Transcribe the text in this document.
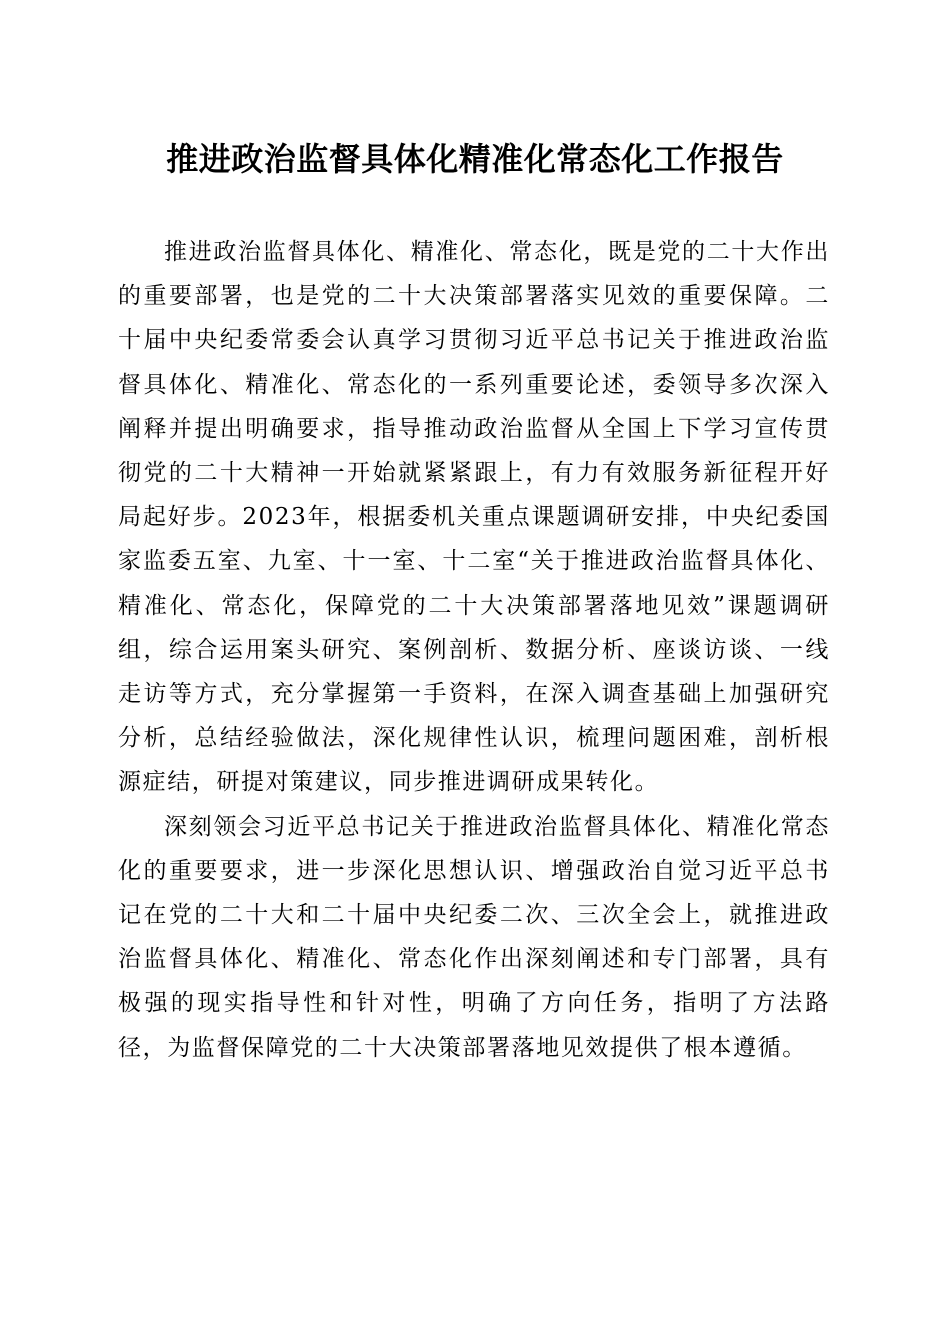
推进政治监督具体化精准化常态化工作报告

推进政治监督具体化、精准化、常态化，既是党的二十大作出的重要部署，也是党的二十大决策部署落实见效的重要保障。二十届中央纪委常委会认真学习贯彻习近平总书记关于推进政治监督具体化、精准化、常态化的一系列重要论述，委领导多次深入阐释并提出明确要求，指导推动政治监督从全国上下学习宣传贯彻党的二十大精神一开始就紧紧跟上，有力有效服务新征程开好局起好步。2023年，根据委机关重点课题调研安排，中央纪委国家监委五室、九室、十一室、十二室“关于推进政治监督具体化、精准化、常态化，保障党的二十大决策部署落地见效”课题调研组，综合运用案头研究、案例剖析、数据分析、座谈访谈、一线走访等方式，充分掌握第一手资料，在深入调查基础上加强研究分析，总结经验做法，深化规律性认识，梳理问题困难，剖析根源症结，研提对策建议，同步推进调研成果转化。

深刻领会习近平总书记关于推进政治监督具体化、精准化常态化的重要要求，进一步深化思想认识、增强政治自觉习近平总书记在党的二十大和二十届中央纪委二次、三次全会上，就推进政治监督具体化、精准化、常态化作出深刻阐述和专门部署，具有极强的现实指导性和针对性，明确了方向任务，指明了方法路径，为监督保障党的二十大决策部署落地见效提供了根本遵循。
